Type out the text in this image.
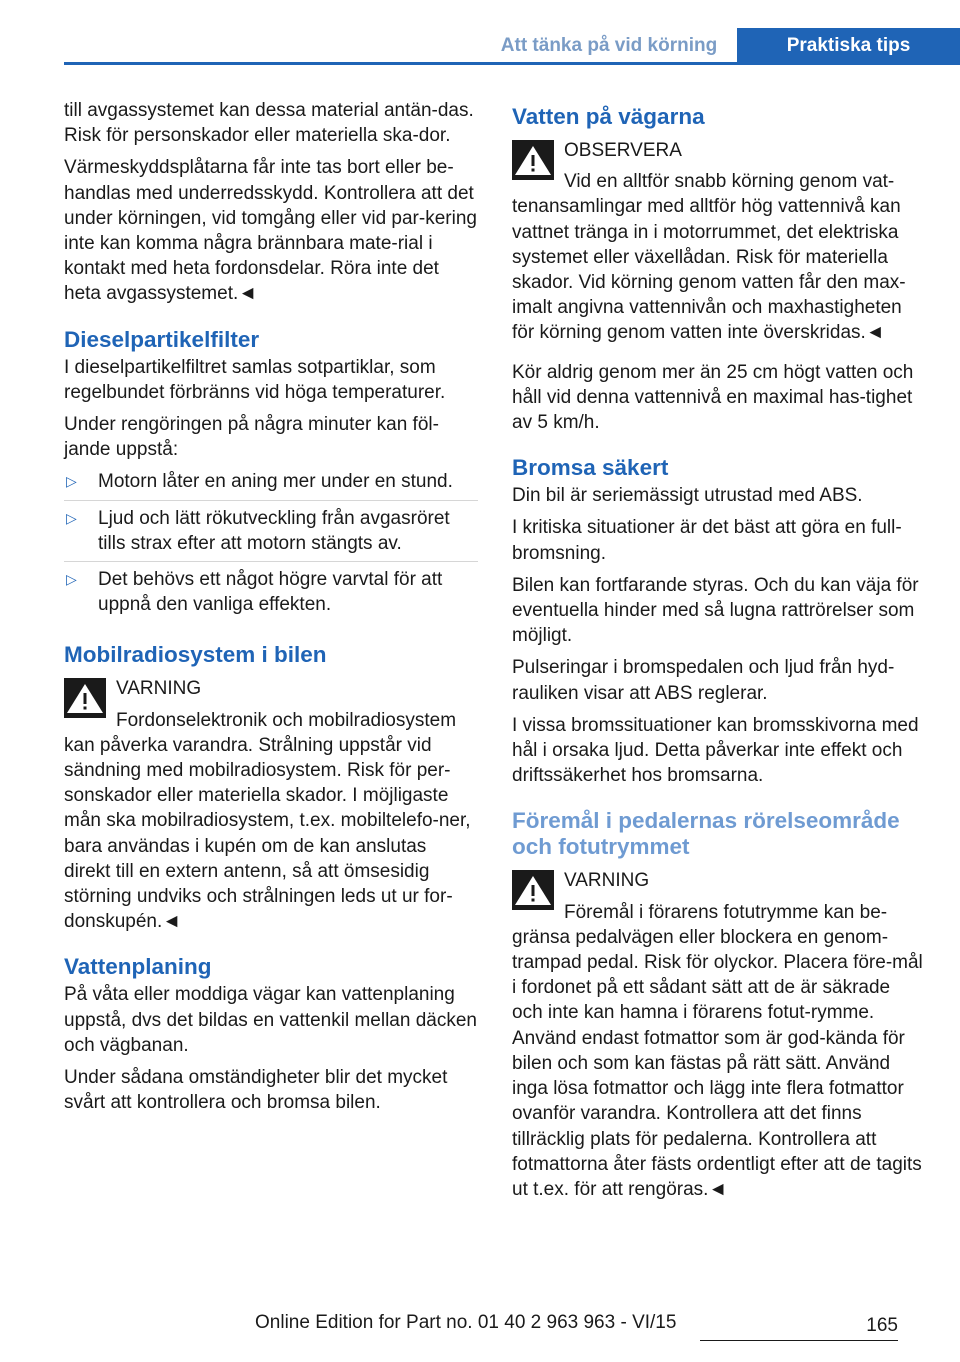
Att tänka på vid körning	Praktiska tips

till avgassystemet kan dessa material antän-das. Risk för personskador eller materiella ska-dor.

Värmeskyddsplåtarna får inte tas bort eller be-handlas med underredsskydd. Kontrollera att det under körningen, vid tomgång eller vid par-kering inte kan komma några brännbara mate-rial i kontakt med heta fordonsdelar. Röra inte det heta avgassystemet.◄

Dieselpartikelfilter

I dieselpartikelfiltret samlas sotpartiklar, som regelbundet förbränns vid höga temperaturer.

Under rengöringen på några minuter kan föl-jande uppstå:

▷ Motorn låter en aning mer under en stund.
▷ Ljud och lätt rökutveckling från avgasröret tills strax efter att motorn stängts av.
▷ Det behövs ett något högre varvtal för att uppnå den vanliga effekten.
Mobilradiosystem i bilen
VARNING
Fordonselektronik och mobilradiosystem kan påverka varandra. Strålning uppstår vid sändning med mobilradiosystem. Risk för per-sonskador eller materiella skador. I möjligaste mån ska mobilradiosystem, t.ex. mobiltelefo-ner, bara användas i kupén om de kan anslutas direkt till en extern antenn, så att ömsesidig störning undviks och strålningen leds ut ur for-donskupén.◄
Vattenplaning

På våta eller moddiga vägar kan vattenplaning uppstå, dvs det bildas en vattenkil mellan däcken och vägbanan.

Under sådana omständigheter blir det mycket svårt att kontrollera och bromsa bilen.

Vatten på vägarna
OBSERVERA
Vid en alltför snabb körning genom vat-tenansamlingar med alltför hög vattennivå kan vattnet tränga in i motorrummet, det elektriska systemet eller växellådan. Risk för materiella skador. Vid körning genom vatten får den max-imalt angivna vattennivån och maxhastigheten för körning genom vatten inte överskridas.◄

Kör aldrig genom mer än 25 cm högt vatten och håll vid denna vattennivå en maximal has-tighet av 5 km/h.

Bromsa säkert

Din bil är seriemässigt utrustad med ABS.

I kritiska situationer är det bäst att göra en full-bromsning.

Bilen kan fortfarande styras. Och du kan väja för eventuella hinder med så lugna rattrörelser som möjligt.

Pulseringar i bromspedalen och ljud från hyd-rauliken visar att ABS reglerar.

I vissa bromssituationer kan bromsskivorna med hål i orsaka ljud. Detta påverkar inte effekt och driftssäkerhet hos bromsarna.

Föremål i pedalernas rörelseområde och fotutrymmet
VARNING
Föremål i förarens fotutrymme kan be-gränsa pedalvägen eller blockera en genom-trampad pedal. Risk för olyckor. Placera före-mål i fordonet på ett sådant sätt att de är säkrade och inte kan hamna i förarens fotut-rymme. Använd endast fotmattor som är god-kända för bilen och som kan fästas på rätt sätt. Använd inga lösa fotmattor och lägg inte flera fotmattor ovanför varandra. Kontrollera att det finns tillräcklig plats för pedalerna. Kontrollera att fotmattorna åter fästs ordentligt efter att de tagits ut t.ex. för att rengöras.◄
165
Online Edition for Part no. 01 40 2 963 963 - VI/15
